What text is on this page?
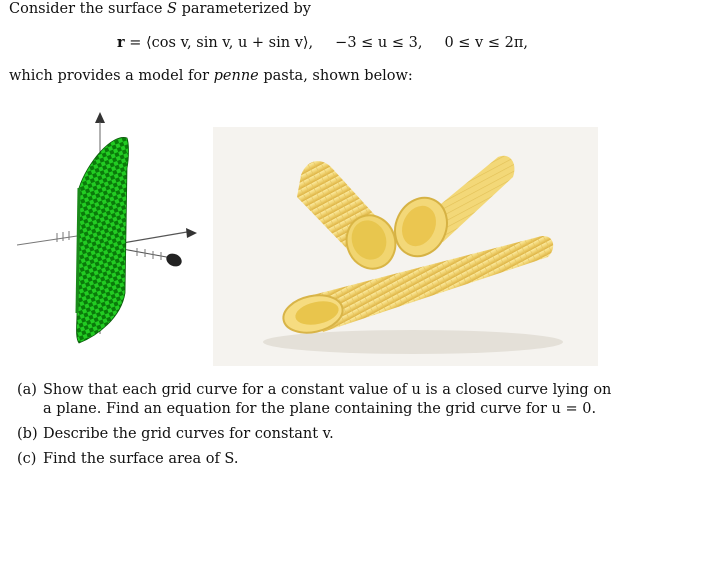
Consider the surface S parameterized by
r = ⟨cos v, sin v, u + sin v⟩, −3 ≤ u ≤ 3, 0 ≤ v ≤ 2π,
which provides a model for penne pasta, shown below:
(a) Show that each grid curve for a constant value of u is a closed curve lying on a plane. Find an equation for the plane containing the grid curve for u = 0.
(b) Describe the grid curves for constant v.
(c) Find the surface area of S.
